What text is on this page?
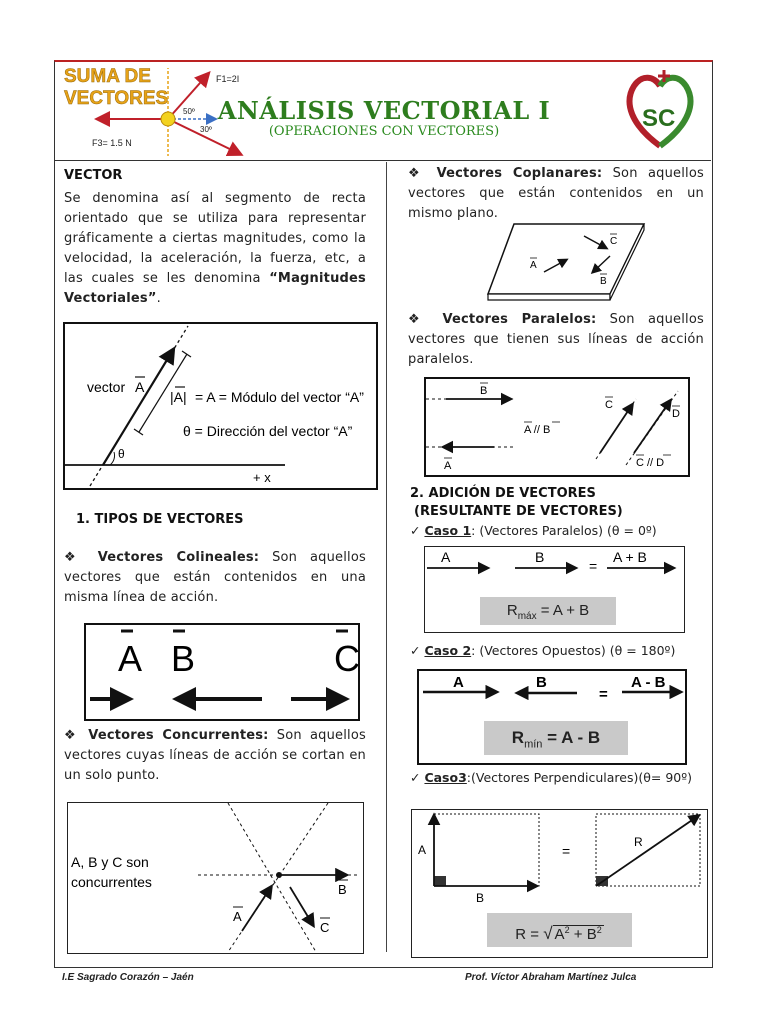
SUMA DE
VECTORES
F1=2I
F3= 1.5 N
50º
30º
ANÁLISIS VECTORIAL I
(OPERACIONES CON VECTORES)	SC
VECTOR
Se denomina así al segmento de recta orientado que se utiliza para representar gráficamente a ciertas magnitudes, como la velocidad, la aceleración, la fuerza, etc, a las cuales se les denomina “Magnitudes Vectoriales”.
vector A
|A| = A = Módulo del vector “A”
θ = Dirección del vector “A”
θ
+ x
1. TIPOS DE VECTORES
❖ Vectores Colineales: Son aquellos vectores que están contenidos en una misma línea de acción.
A B	C
❖ Vectores Concurrentes: Son aquellos vectores cuyas líneas de acción se cortan en un solo punto.
A, B y C son
concurrentes
A
B
C
❖ Vectores Coplanares: Son aquellos vectores que están contenidos en un mismo plano.
A
B
C
❖ Vectores Paralelos: Son aquellos vectores que tienen sus líneas de acción paralelos.
B
A
C
D
A // B
C // D
2. ADICIÓN DE VECTORES
(RESULTANTE DE VECTORES)
✓ Caso 1: (Vectores Paralelos) (θ = 0º)
A	B
=
A + B
$R_{máx} = A + B$
✓ Caso 2: (Vectores Opuestos) (θ = 180º)
A	B
=
A - B
$R_{mín} = A - B$
✓ Caso3:(Vectores Perpendiculares)(θ= 90º)
A
B
=
R
R = √ $A^2 + B^2$
I.E Sagrado Corazón – Jaén	Prof. Víctor Abraham Martínez Julca
